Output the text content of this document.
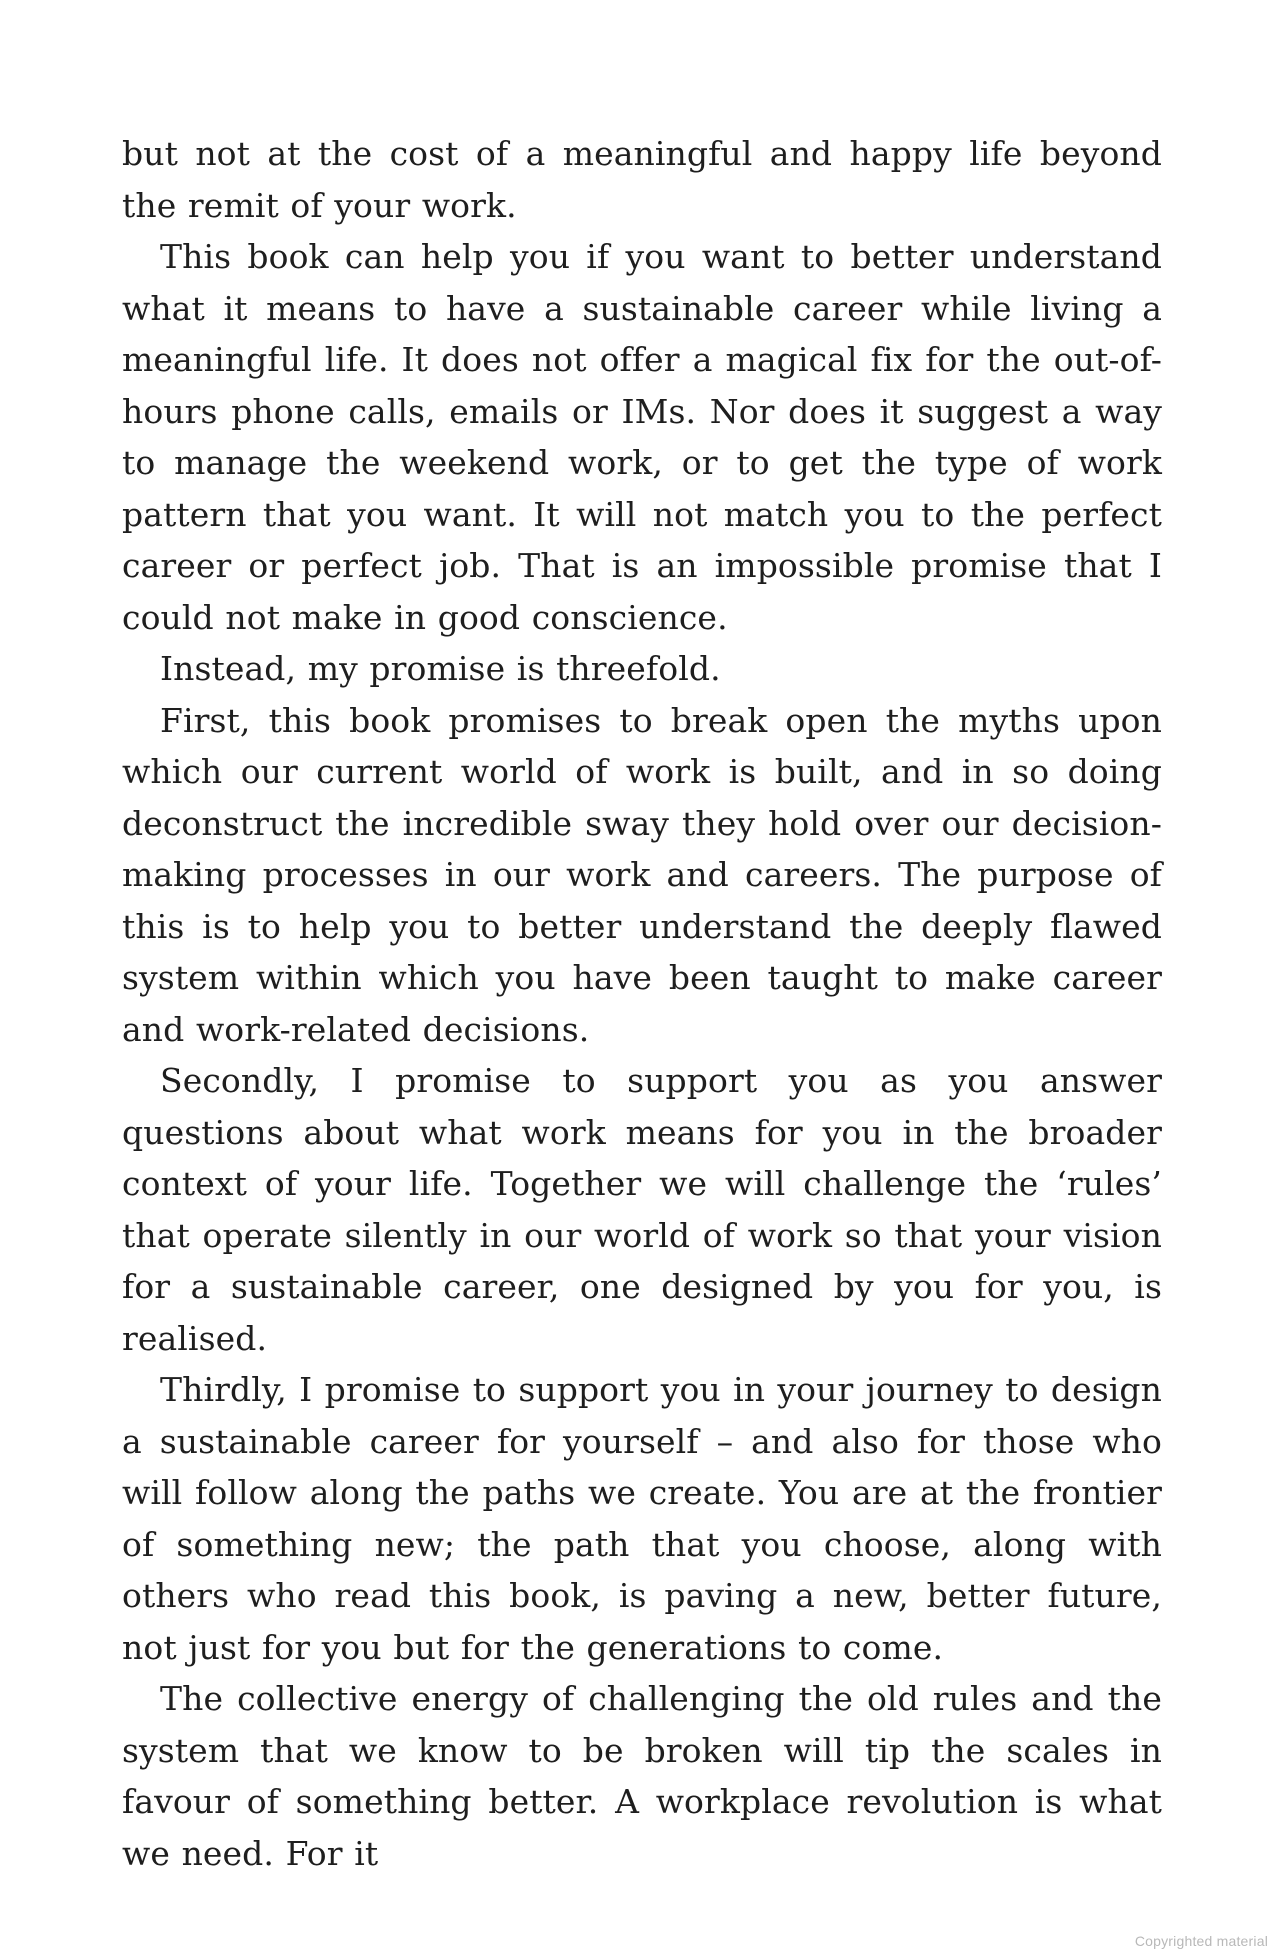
but not at the cost of a meaningful and happy life beyond the remit of your work.

This book can help you if you want to better understand what it means to have a sustainable career while living a meaningful life. It does not offer a magical fix for the out-of-hours phone calls, emails or IMs. Nor does it suggest a way to manage the weekend work, or to get the type of work pattern that you want. It will not match you to the perfect career or perfect job. That is an impossible promise that I could not make in good conscience.

Instead, my promise is threefold.

First, this book promises to break open the myths upon which our current world of work is built, and in so doing deconstruct the incredible sway they hold over our decision-making processes in our work and careers. The purpose of this is to help you to better understand the deeply flawed system within which you have been taught to make career and work-related decisions.

Secondly, I promise to support you as you answer questions about what work means for you in the broader context of your life. Together we will challenge the ‘rules’ that operate silently in our world of work so that your vision for a sustainable career, one designed by you for you, is realised.

Thirdly, I promise to support you in your journey to design a sustainable career for yourself – and also for those who will follow along the paths we create. You are at the frontier of something new; the path that you choose, along with others who read this book, is paving a new, better future, not just for you but for the generations to come.

The collective energy of challenging the old rules and the system that we know to be broken will tip the scales in favour of something better. A workplace revolution is what we need. For it

Copyrighted material
